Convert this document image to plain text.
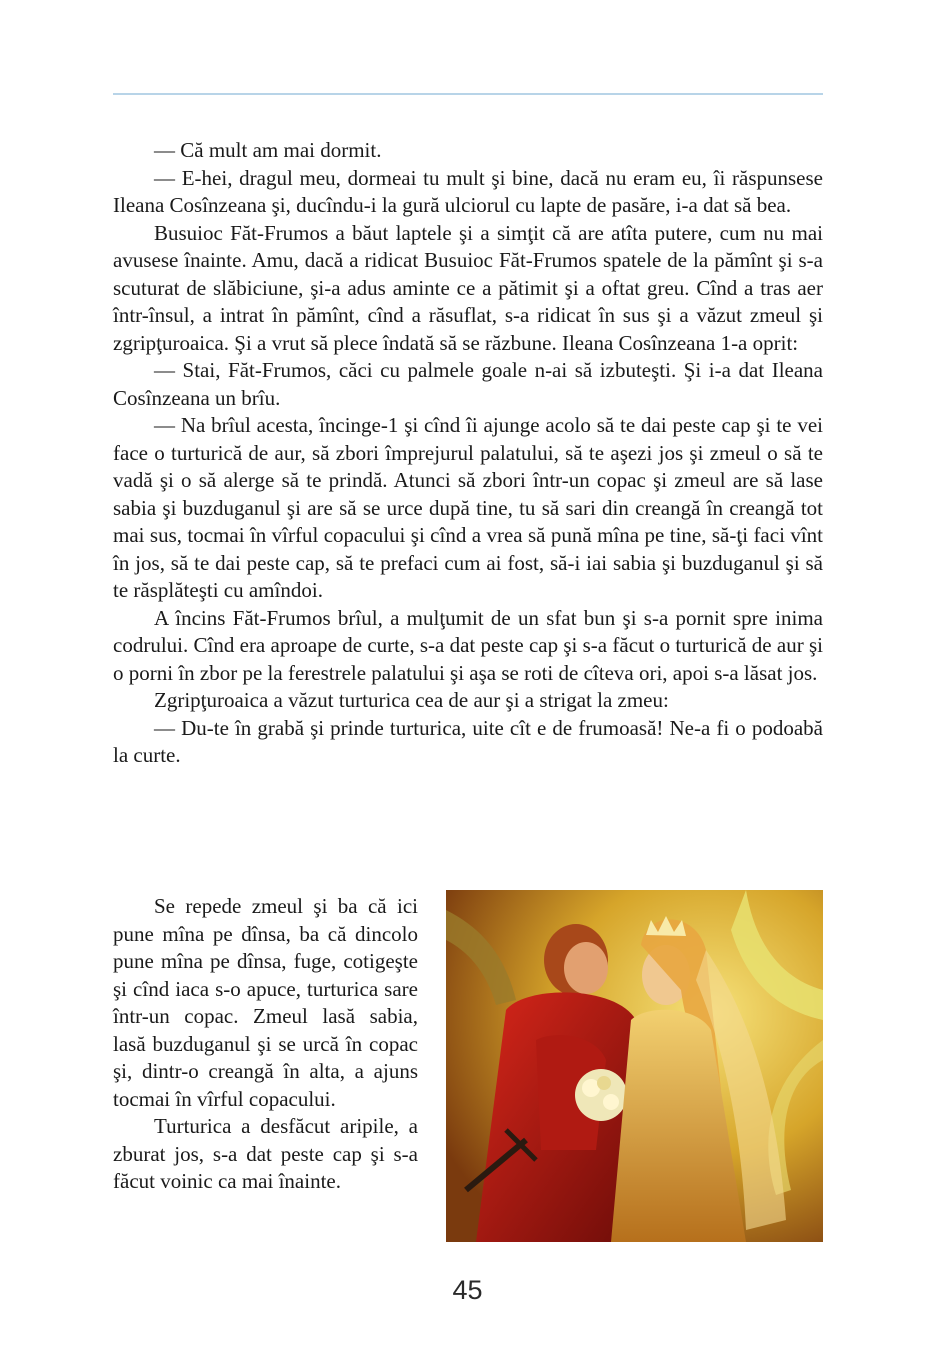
— Că mult am mai dormit.

— E-hei, dragul meu, dormeai tu mult şi bine, dacă nu eram eu, îi răspunsese Ileana Cosînzeana şi, ducîndu-i la gură ulciorul cu lapte de pasăre, i-a dat să bea.

Busuioc Făt-Frumos a băut laptele şi a simţit că are atîta putere, cum nu mai avusese înainte. Amu, dacă a ridicat Busuioc Făt-Frumos spatele de la pămînt şi s-a scuturat de slăbiciune, şi-a adus aminte ce a pătimit şi a oftat greu. Cînd a tras aer într-însul, a intrat în pămînt, cînd a răsuflat, s-a ridicat în sus şi a văzut zmeul şi zgripţuroaica. Şi a vrut să plece îndată să se răzbune. Ileana Cosînzeana 1-a oprit:

— Stai, Făt-Frumos, căci cu palmele goale n-ai să izbuteşti. Şi i-a dat Ileana Cosînzeana un brîu.

— Na brîul acesta, încinge-1 şi cînd îi ajunge acolo să te dai peste cap şi te vei face o turturică de aur, să zbori împrejurul palatului, să te aşezi jos şi zmeul o să te vadă şi o să alerge să te prindă. Atunci să zbori într-un copac şi zmeul are să lase sabia şi buzduganul şi are să se urce după tine, tu să sari din creangă în creangă tot mai sus, tocmai în vîrful copacului şi cînd a vrea să pună mîna pe tine, să-ţi faci vînt în jos, să te dai peste cap, să te prefaci cum ai fost, să-i iai sabia şi buzduganul şi să te răsplăteşti cu amîndoi.

A încins Făt-Frumos brîul, a mulţumit de un sfat bun şi s-a pornit spre inima codrului. Cînd era aproape de curte, s-a dat peste cap şi s-a făcut o turturică de aur şi o porni în zbor pe la ferestrele palatului şi aşa se roti de cîteva ori, apoi s-a lăsat jos.

Zgripţuroaica a văzut turturica cea de aur şi a strigat la zmeu:

— Du-te în grabă şi prinde turturica, uite cît e de frumoasă! Ne-a fi o podoabă la curte.

Se repede zmeul şi ba că ici pune mîna pe dînsa, ba că dincolo pune mîna pe dînsa, fuge, cotigeşte şi cînd iaca s-o apuce, turturica sare într-un copac. Zmeul lasă sabia, lasă buzduganul şi se urcă în copac şi, dintr-o creangă în alta, a ajuns tocmai în vîrful copacului.

Turturica a desfăcut aripile, a zburat jos, s-a dat peste cap şi s-a făcut voinic ca mai înainte.

45
